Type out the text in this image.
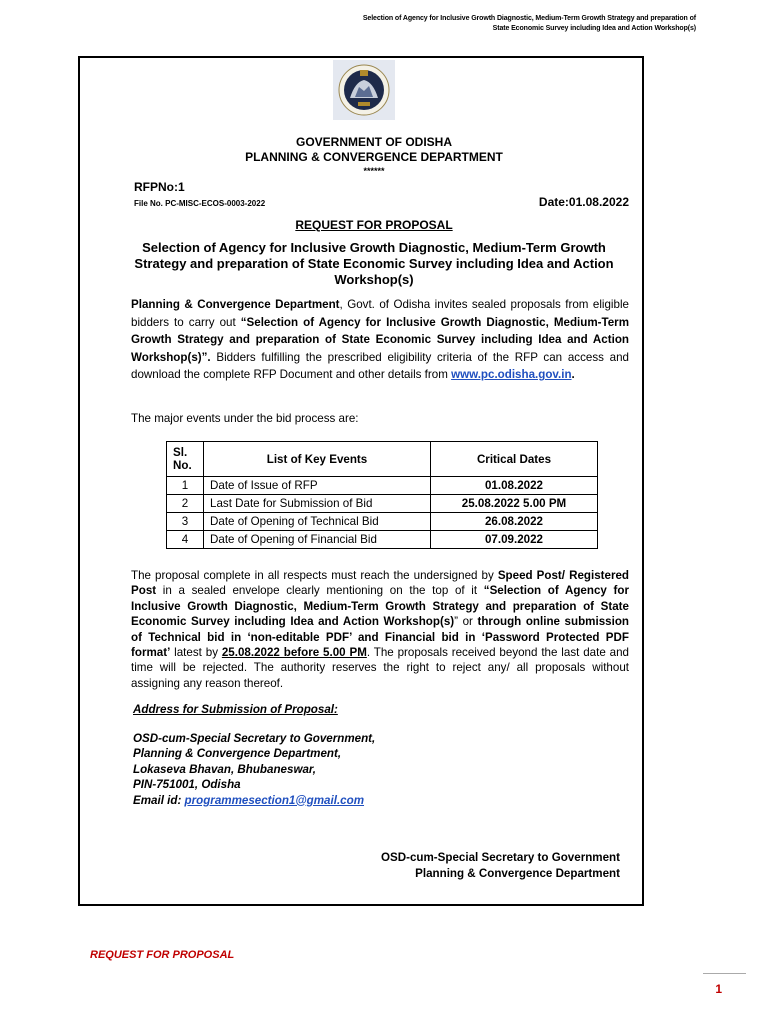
Selection of Agency for Inclusive Growth Diagnostic, Medium-Term Growth Strategy and preparation of
State Economic Survey including Idea and Action Workshop(s)
GOVERNMENT OF ODISHA
PLANNING & CONVERGENCE DEPARTMENT
******
RFPNo:1
File No. PC-MISC-ECOS-0003-2022	Date:01.08.2022
REQUEST FOR PROPOSAL
Selection of Agency for Inclusive Growth Diagnostic, Medium-Term Growth Strategy and preparation of State Economic Survey including Idea and Action Workshop(s)
Planning & Convergence Department, Govt. of Odisha invites sealed proposals from eligible bidders to carry out “Selection of Agency for Inclusive Growth Diagnostic, Medium-Term Growth Strategy and preparation of State Economic Survey including Idea and Action Workshop(s)”. Bidders fulfilling the prescribed eligibility criteria of the RFP can access and download the complete RFP Document and other details from www.pc.odisha.gov.in.
The major events under the bid process are:
Sl. No.	List of Key Events	Critical Dates
1	Date of Issue of RFP	01.08.2022
2	Last Date for Submission of Bid	25.08.2022 5.00 PM
3	Date of Opening of Technical Bid	26.08.2022
4	Date of Opening of Financial Bid	07.09.2022
The proposal complete in all respects must reach the undersigned by Speed Post/ Registered Post in a sealed envelope clearly mentioning on the top of it “Selection of Agency for Inclusive Growth Diagnostic, Medium-Term Growth Strategy and preparation of State Economic Survey including Idea and Action Workshop(s)” or through online submission of Technical bid in ‘non-editable PDF’ and Financial bid in ‘Password Protected PDF format’ latest by 25.08.2022 before 5.00 PM. The proposals received beyond the last date and time will be rejected. The authority reserves the right to reject any/ all proposals without assigning any reason thereof.
Address for Submission of Proposal:
OSD-cum-Special Secretary to Government,
Planning & Convergence Department,
Lokaseva Bhavan, Bhubaneswar,
PIN-751001, Odisha
Email id: programmesection1@gmail.com
OSD-cum-Special Secretary to Government
Planning & Convergence Department
REQUEST FOR PROPOSAL
1
